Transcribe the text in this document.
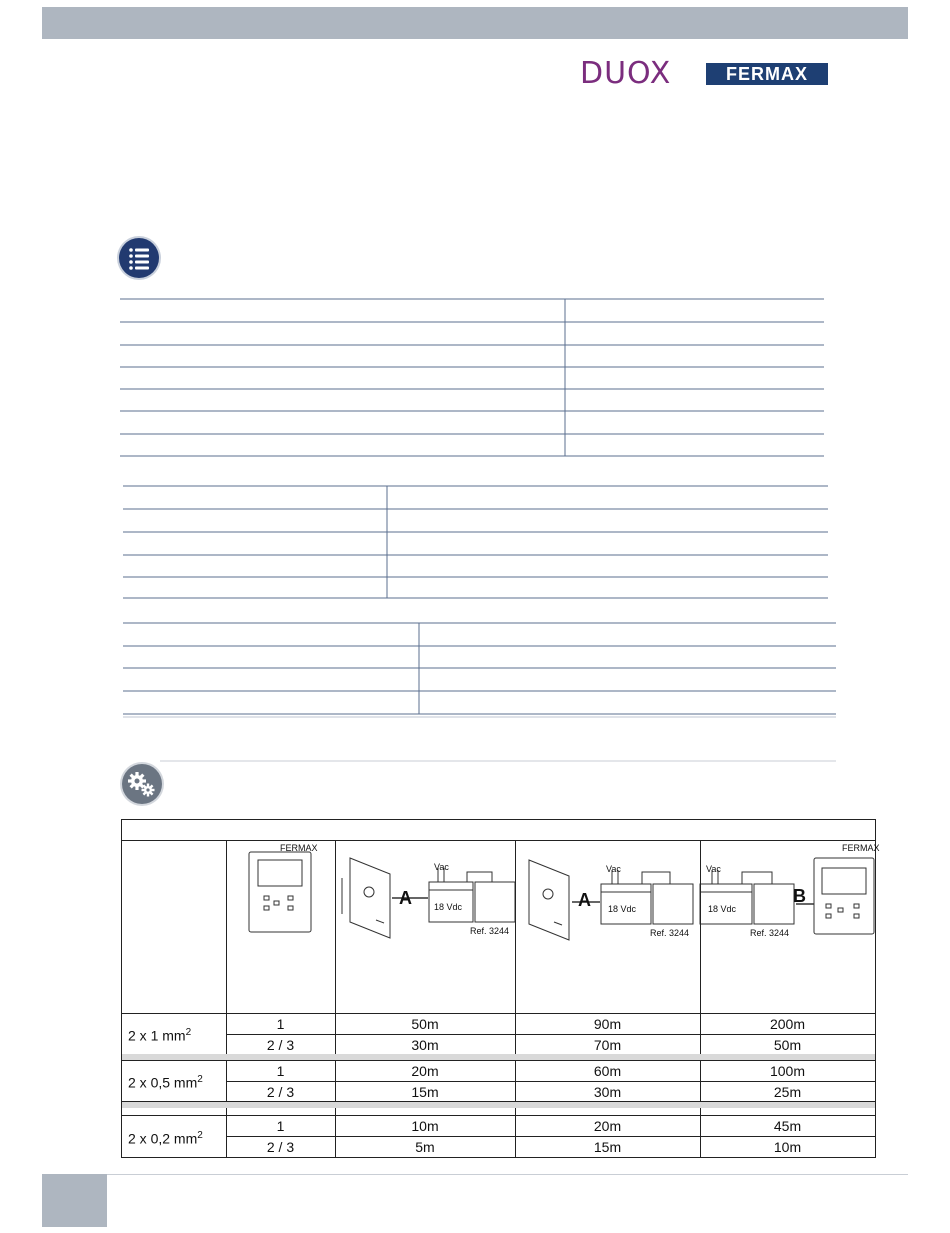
DUOX	FERMAX
FERMAX	FERMAX
A	A	B
Vac	Vac	Vac
18 Vdc	18 Vdc	18 Vdc
Ref. 3244	Ref. 3244	Ref. 3244
2 x 1 $mm^2$
1	50m	90m	200m
2 / 3	30m	70m	50m
2 x 0,5 $mm^2$
1	20m	60m	100m
2 / 3	15m	30m	25m
2 x 0,2 $mm^2$
1	10m	20m	45m
2 / 3	5m	15m	10m
